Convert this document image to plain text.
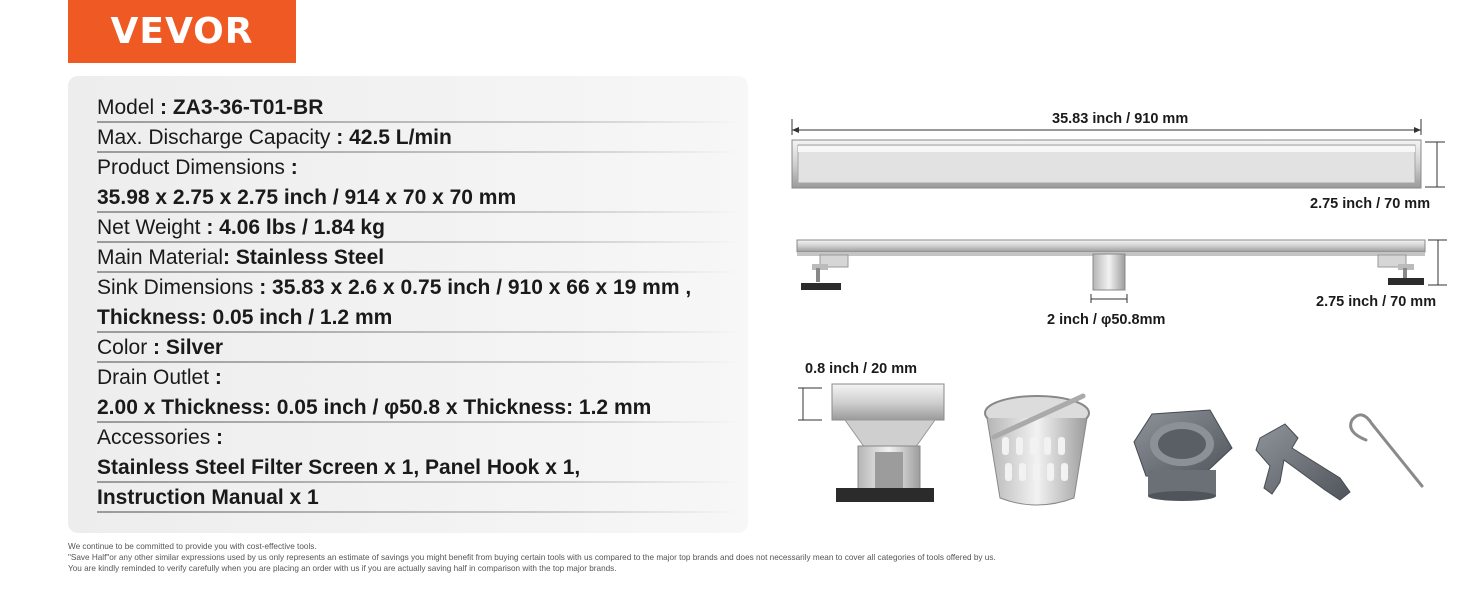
VEVOR
Model : ZA3-36-T01-BR
Max. Discharge Capacity : 42.5 L/min
Product Dimensions :
35.98 x 2.75 x 2.75 inch / 914 x 70 x 70 mm
Net Weight : 4.06 lbs / 1.84 kg
Main Material: Stainless Steel
Sink Dimensions : 35.83 x 2.6 x 0.75 inch / 910 x 66 x 19 mm ,
Thickness: 0.05 inch / 1.2 mm
Color : Silver
Drain Outlet :
2.00 x Thickness: 0.05 inch / φ50.8 x Thickness: 1.2 mm
Accessories :
Stainless Steel Filter Screen x 1, Panel Hook x 1,
Instruction Manual x 1
We continue to be committed to provide you with cost-effective tools.
"Save Half"or any other similar expressions used by us only represents an estimate of savings you might benefit from buying certain tools with us compared to the major top brands and does not necessarily mean to cover all categories of tools offered by us.
You are kindly reminded to verify carefully when you are placing an order with us if you are actually saving half in comparison with the top major brands.
35.83 inch / 910 mm
2.75 inch / 70 mm
2 inch / φ50.8mm
2.75 inch / 70 mm
0.8 inch / 20 mm
